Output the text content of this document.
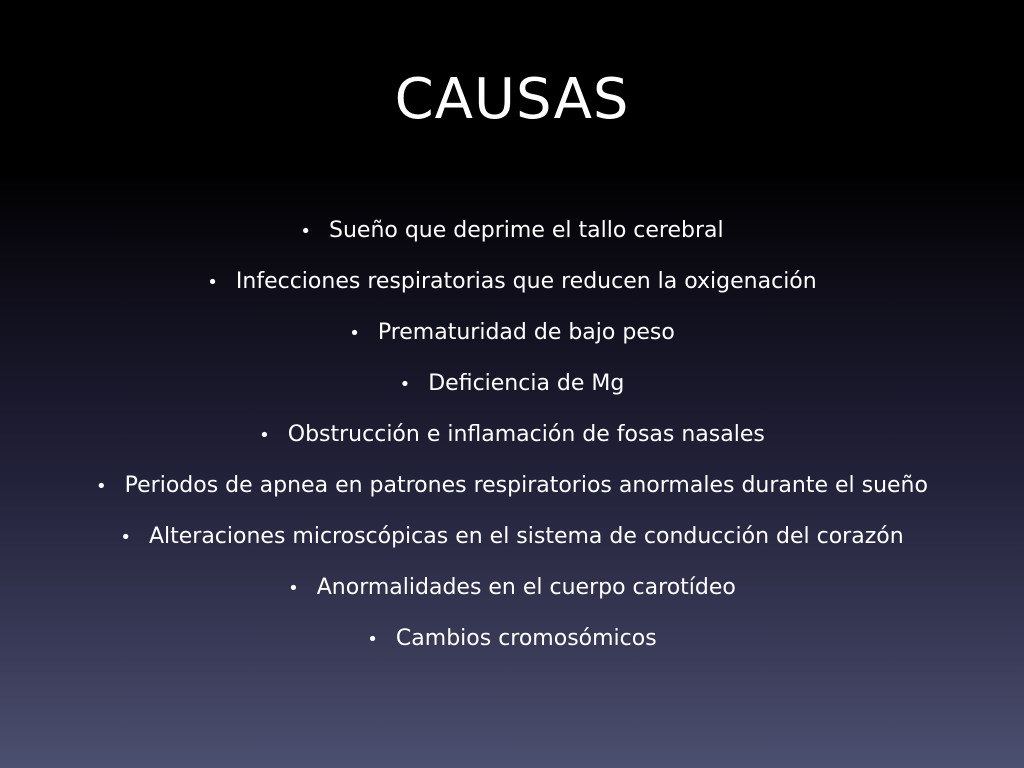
CAUSAS
• Sueño que deprime el tallo cerebral
• Infecciones respiratorias que reducen la oxigenación
• Prematuridad de bajo peso
• Deficiencia de Mg
• Obstrucción e inflamación de fosas nasales
• Periodos de apnea en patrones respiratorios anormales durante el sueño
• Alteraciones microscópicas en el sistema de conducción del corazón
• Anormalidades en el cuerpo carotídeo
• Cambios cromosómicos
